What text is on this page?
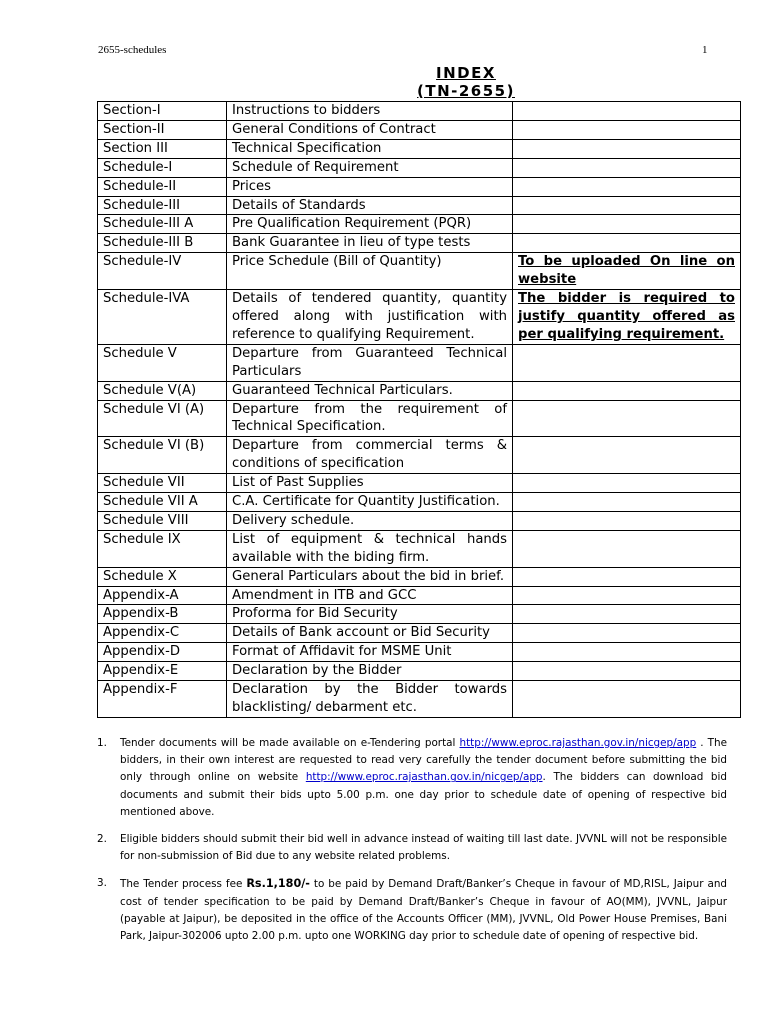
2655-schedules	1
INDEX
(TN-2655)
Section-I	Instructions to bidders	
Section-II	General Conditions of Contract	
Section III	Technical Specification	
Schedule-I	Schedule of Requirement	
Schedule-II	Prices	
Schedule-III	Details of Standards	
Schedule-III A	Pre Qualification Requirement (PQR)	
Schedule-III B	Bank Guarantee in lieu of type tests	
Schedule-IV	Price Schedule (Bill of Quantity)	To be uploaded On line on website
Schedule-IVA	Details of tendered quantity, quantity offered along with justification with reference to qualifying Requirement.	The bidder is required to justify quantity offered as per qualifying requirement.
Schedule V	Departure from Guaranteed Technical Particulars	
Schedule V(A)	Guaranteed Technical Particulars.	
Schedule VI (A)	Departure from the requirement of Technical Specification.	
Schedule VI (B)	Departure from commercial terms & conditions of specification	
Schedule VII	List of Past Supplies	
Schedule VII A	C.A. Certificate for Quantity Justification.	
Schedule VIII	Delivery schedule.	
Schedule IX	List of equipment & technical hands available with the biding firm.	
Schedule X	General Particulars about the bid in brief.	
Appendix-A	Amendment in ITB and GCC	
Appendix-B	Proforma for Bid Security	
Appendix-C	Details of Bank account or Bid Security	
Appendix-D	Format of Affidavit for MSME Unit	
Appendix-E	Declaration by the Bidder	
Appendix-F	Declaration by the Bidder towards blacklisting/ debarment etc.	
1.	Tender documents will be made available on e-Tendering portal http://www.eproc.rajasthan.gov.in/nicgep/app . The bidders, in their own interest are requested to read very carefully the tender document before submitting the bid only through online on website http://www.eproc.rajasthan.gov.in/nicgep/app. The bidders can download bid documents and submit their bids upto 5.00 p.m. one day prior to schedule date of opening of respective bid mentioned above.
2.	Eligible bidders should submit their bid well in advance instead of waiting till last date. JVVNL will not be responsible for non-submission of Bid due to any website related problems.
3.	The Tender process fee Rs.1,180/- to be paid by Demand Draft/Banker’s Cheque in favour of MD,RISL, Jaipur and cost of tender specification to be paid by Demand Draft/Banker’s Cheque in favour of AO(MM), JVVNL, Jaipur (payable at Jaipur), be deposited in the office of the Accounts Officer (MM), JVVNL, Old Power House Premises, Bani Park, Jaipur-302006 upto 2.00 p.m. upto one WORKING day prior to schedule date of opening of respective bid.
